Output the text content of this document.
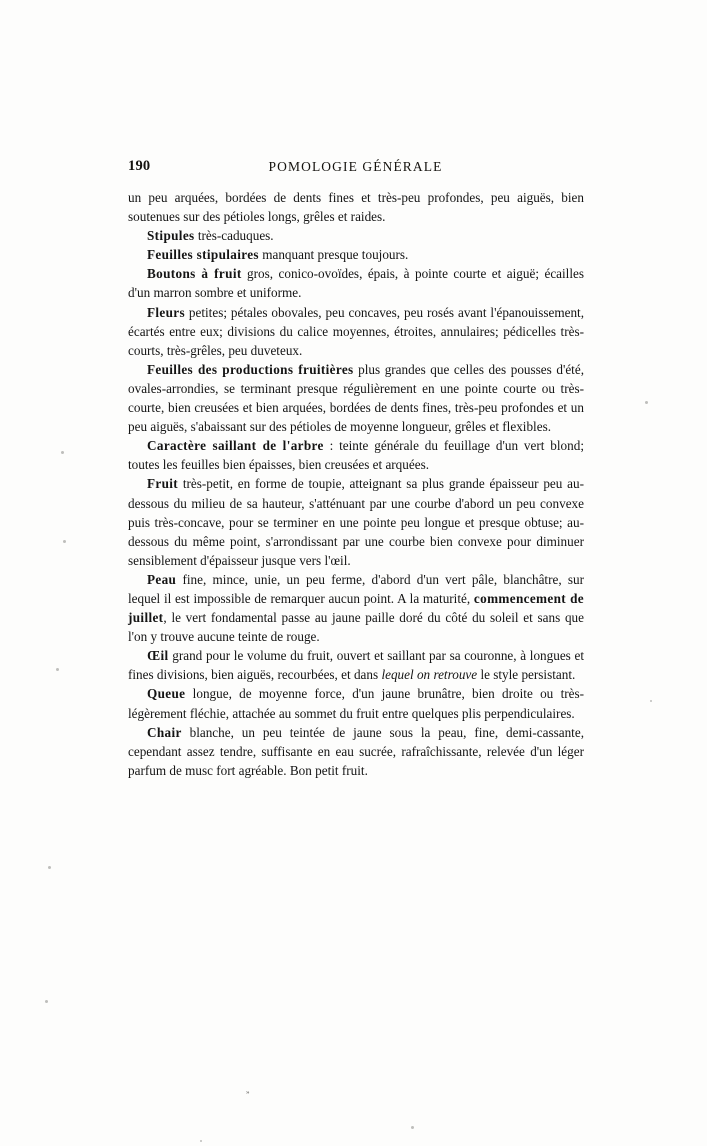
190	POMOLOGIE GÉNÉRALE

un peu arquées, bordées de dents fines et très-peu profondes, peu aiguës, bien soutenues sur des pétioles longs, grêles et raides.

Stipules très-caduques.

Feuilles stipulaires manquant presque toujours.

Boutons à fruit gros, conico-ovoïdes, épais, à pointe courte et aiguë; écailles d'un marron sombre et uniforme.

Fleurs petites; pétales obovales, peu concaves, peu rosés avant l'épanouissement, écartés entre eux; divisions du calice moyennes, étroites, annulaires; pédicelles très-courts, très-grêles, peu duveteux.

Feuilles des productions fruitières plus grandes que celles des pousses d'été, ovales-arrondies, se terminant presque régulièrement en une pointe courte ou très-courte, bien creusées et bien arquées, bordées de dents fines, très-peu profondes et un peu aiguës, s'abaissant sur des pétioles de moyenne longueur, grêles et flexibles.

Caractère saillant de l'arbre : teinte générale du feuillage d'un vert blond; toutes les feuilles bien épaisses, bien creusées et arquées.

Fruit très-petit, en forme de toupie, atteignant sa plus grande épaisseur peu au-dessous du milieu de sa hauteur, s'atténuant par une courbe d'abord un peu convexe puis très-concave, pour se terminer en une pointe peu longue et presque obtuse; au-dessous du même point, s'arrondissant par une courbe bien convexe pour diminuer sensiblement d'épaisseur jusque vers l'œil.

Peau fine, mince, unie, un peu ferme, d'abord d'un vert pâle, blanchâtre, sur lequel il est impossible de remarquer aucun point. A la maturité, commencement de juillet, le vert fondamental passe au jaune paille doré du côté du soleil et sans que l'on y trouve aucune teinte de rouge.

Œil grand pour le volume du fruit, ouvert et saillant par sa couronne, à longues et fines divisions, bien aiguës, recourbées, et dans lequel on retrouve le style persistant.

Queue longue, de moyenne force, d'un jaune brunâtre, bien droite ou très-légèrement fléchie, attachée au sommet du fruit entre quelques plis perpendiculaires.

Chair blanche, un peu teintée de jaune sous la peau, fine, demi-cassante, cependant assez tendre, suffisante en eau sucrée, rafraîchissante, relevée d'un léger parfum de musc fort agréable. Bon petit fruit.

»
